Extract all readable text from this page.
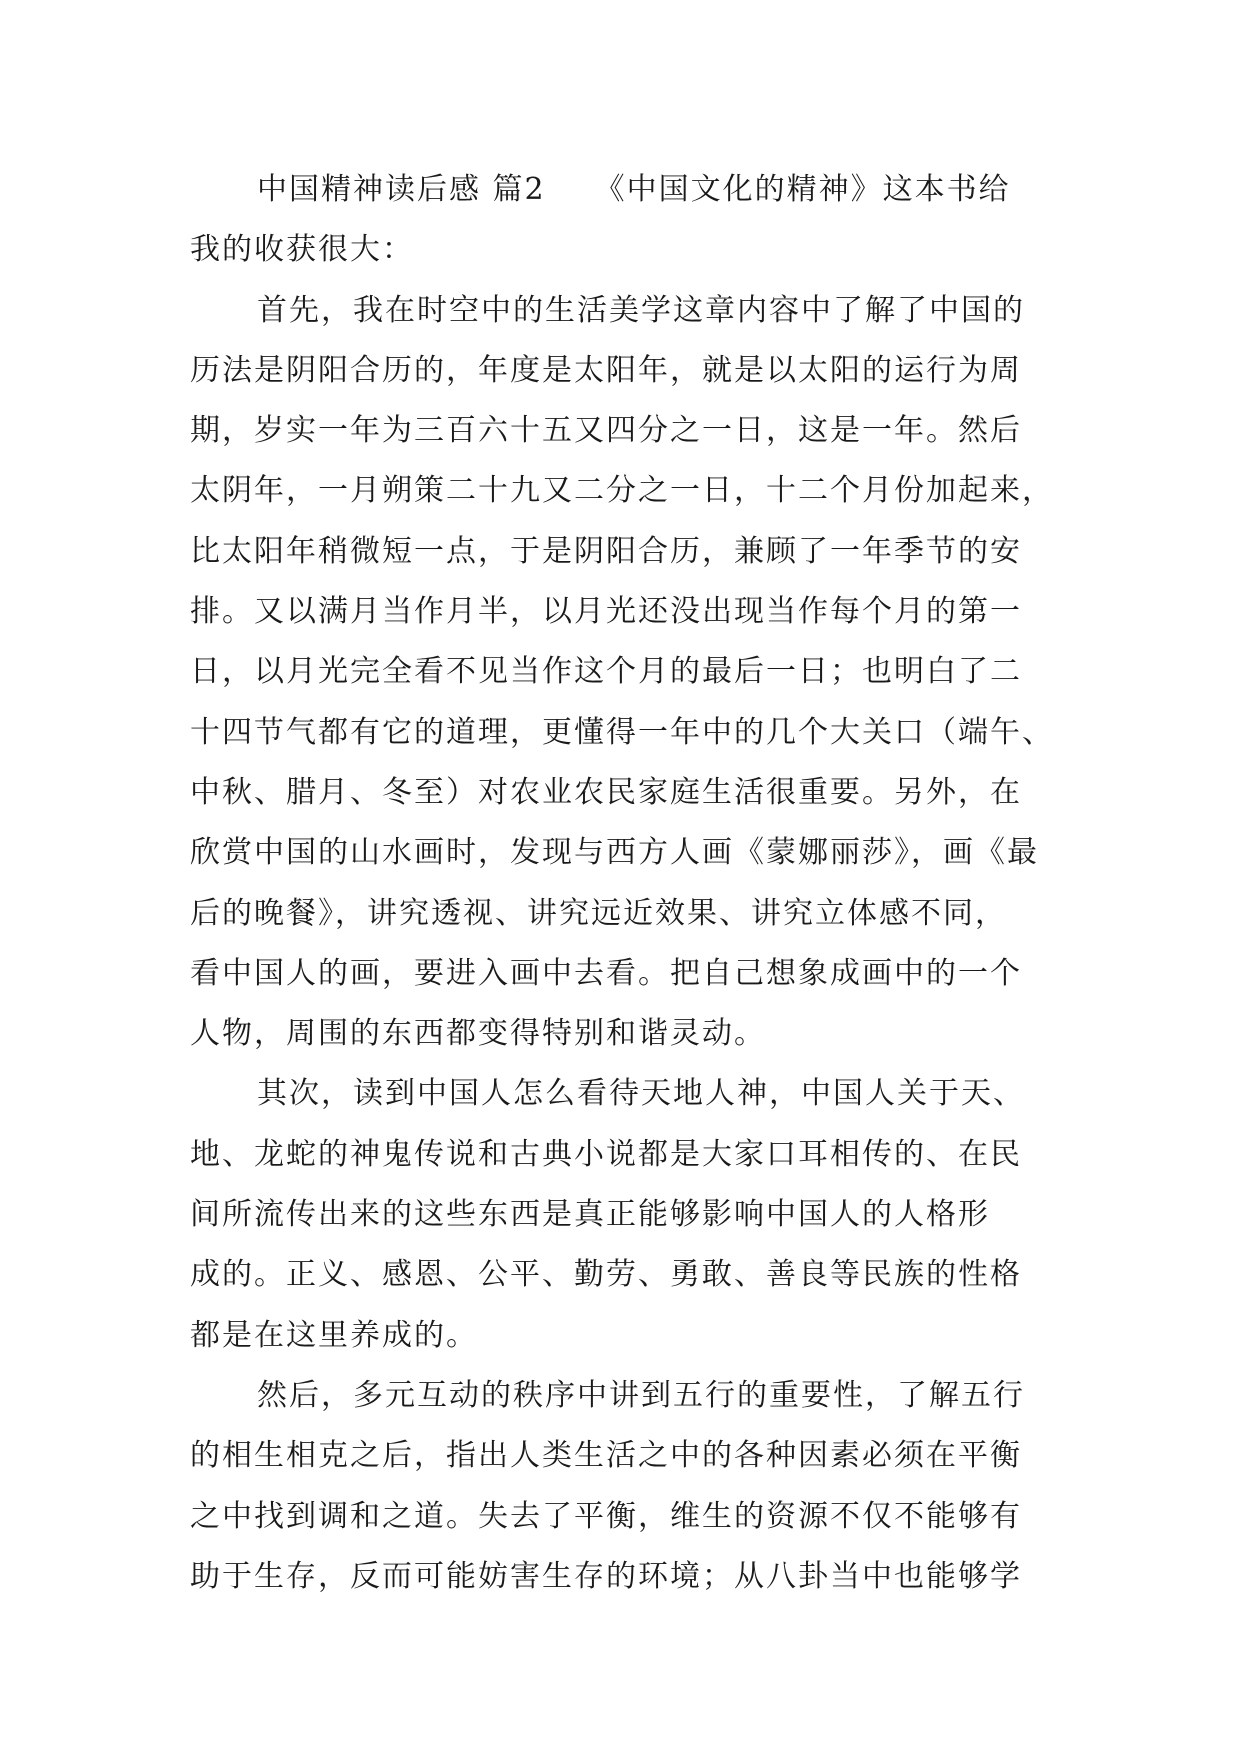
中国精神读后感 篇2　　《中国文化的精神》这本书给
我的收获很大：
首先，我在时空中的生活美学这章内容中了解了中国的
历法是阴阳合历的，年度是太阳年，就是以太阳的运行为周
期，岁实一年为三百六十五又四分之一日，这是一年。然后
太阴年，一月朔策二十九又二分之一日，十二个月份加起来，
比太阳年稍微短一点，于是阴阳合历，兼顾了一年季节的安
排。又以满月当作月半，以月光还没出现当作每个月的第一
日，以月光完全看不见当作这个月的最后一日；也明白了二
十四节气都有它的道理，更懂得一年中的几个大关口（端午、
中秋、腊月、冬至）对农业农民家庭生活很重要。另外，在
欣赏中国的山水画时，发现与西方人画《蒙娜丽莎》，画《最
后的晚餐》，讲究透视、讲究远近效果、讲究立体感不同，
看中国人的画，要进入画中去看。把自己想象成画中的一个
人物，周围的东西都变得特别和谐灵动。
其次，读到中国人怎么看待天地人神，中国人关于天、
地、龙蛇的神鬼传说和古典小说都是大家口耳相传的、在民
间所流传出来的这些东西是真正能够影响中国人的人格形
成的。正义、感恩、公平、勤劳、勇敢、善良等民族的性格
都是在这里养成的。
然后，多元互动的秩序中讲到五行的重要性，了解五行
的相生相克之后，指出人类生活之中的各种因素必须在平衡
之中找到调和之道。失去了平衡，维生的资源不仅不能够有
助于生存，反而可能妨害生存的环境；从八卦当中也能够学
